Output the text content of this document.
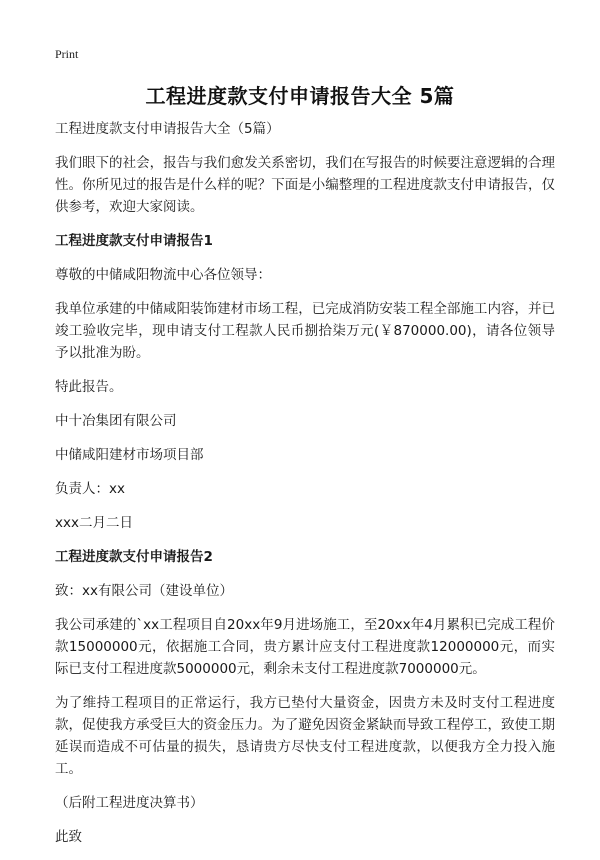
Print
工程进度款支付申请报告大全 5篇

工程进度款支付申请报告大全（5篇）

我们眼下的社会，报告与我们愈发关系密切，我们在写报告的时候要注意逻辑的合理性。你所见过的报告是什么样的呢？下面是小编整理的工程进度款支付申请报告，仅供参考，欢迎大家阅读。

工程进度款支付申请报告1

尊敬的中储咸阳物流中心各位领导：

我单位承建的中储咸阳装饰建材市场工程，已完成消防安装工程全部施工内容，并已竣工验收完毕，现申请支付工程款人民币捌拾柒万元(￥870000.00)，请各位领导予以批准为盼。

特此报告。

中十冶集团有限公司

中储咸阳建材市场项目部

负责人：xx

xxx二月二日

工程进度款支付申请报告2

致：xx有限公司（建设单位）

我公司承建的`xx工程项目自20xx年9月进场施工，至20xx年4月累积已完成工程价款15000000元，依据施工合同，贵方累计应支付工程进度款12000000元，而实际已支付工程进度款5000000元，剩余未支付工程进度款7000000元。

为了维持工程项目的正常运行，我方已垫付大量资金，因贵方未及时支付工程进度款，促使我方承受巨大的资金压力。为了避免因资金紧缺而导致工程停工，致使工期延误而造成不可估量的损失，恳请贵方尽快支付工程进度款，以便我方全力投入施工。

（后附工程进度决算书）

此致
